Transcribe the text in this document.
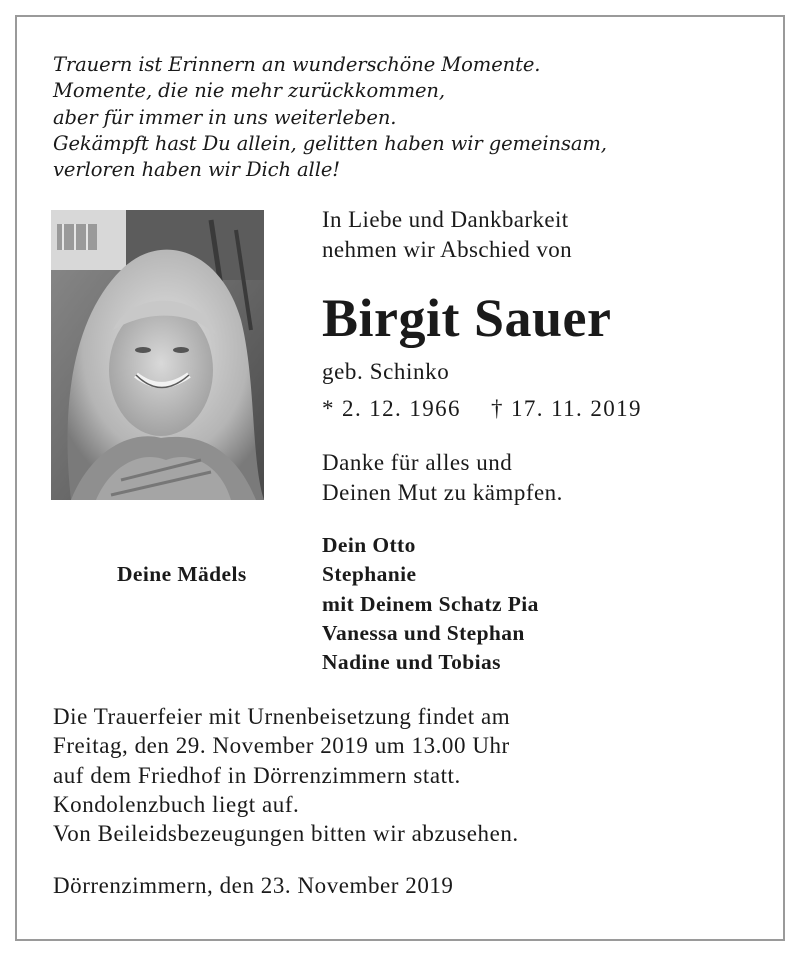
Trauern ist Erinnern an wunderschöne Momente.
Momente, die nie mehr zurückkommen,
aber für immer in uns weiterleben.
Gekämpft hast Du allein, gelitten haben wir gemeinsam,
verloren haben wir Dich alle!
In Liebe und Dankbarkeit
nehmen wir Abschied von
Birgit Sauer
geb. Schinko
* 2. 12. 1966 † 17. 11. 2019
Danke für alles und
Deinen Mut zu kämpfen.
Deine Mädels
Dein Otto
Stephanie
mit Deinem Schatz Pia
Vanessa und Stephan
Nadine und Tobias
Die Trauerfeier mit Urnenbeisetzung findet am
Freitag, den 29. November 2019 um 13.00 Uhr
auf dem Friedhof in Dörrenzimmern statt.
Kondolenzbuch liegt auf.
Von Beileidsbezeugungen bitten wir abzusehen.
Dörrenzimmern, den 23. November 2019
